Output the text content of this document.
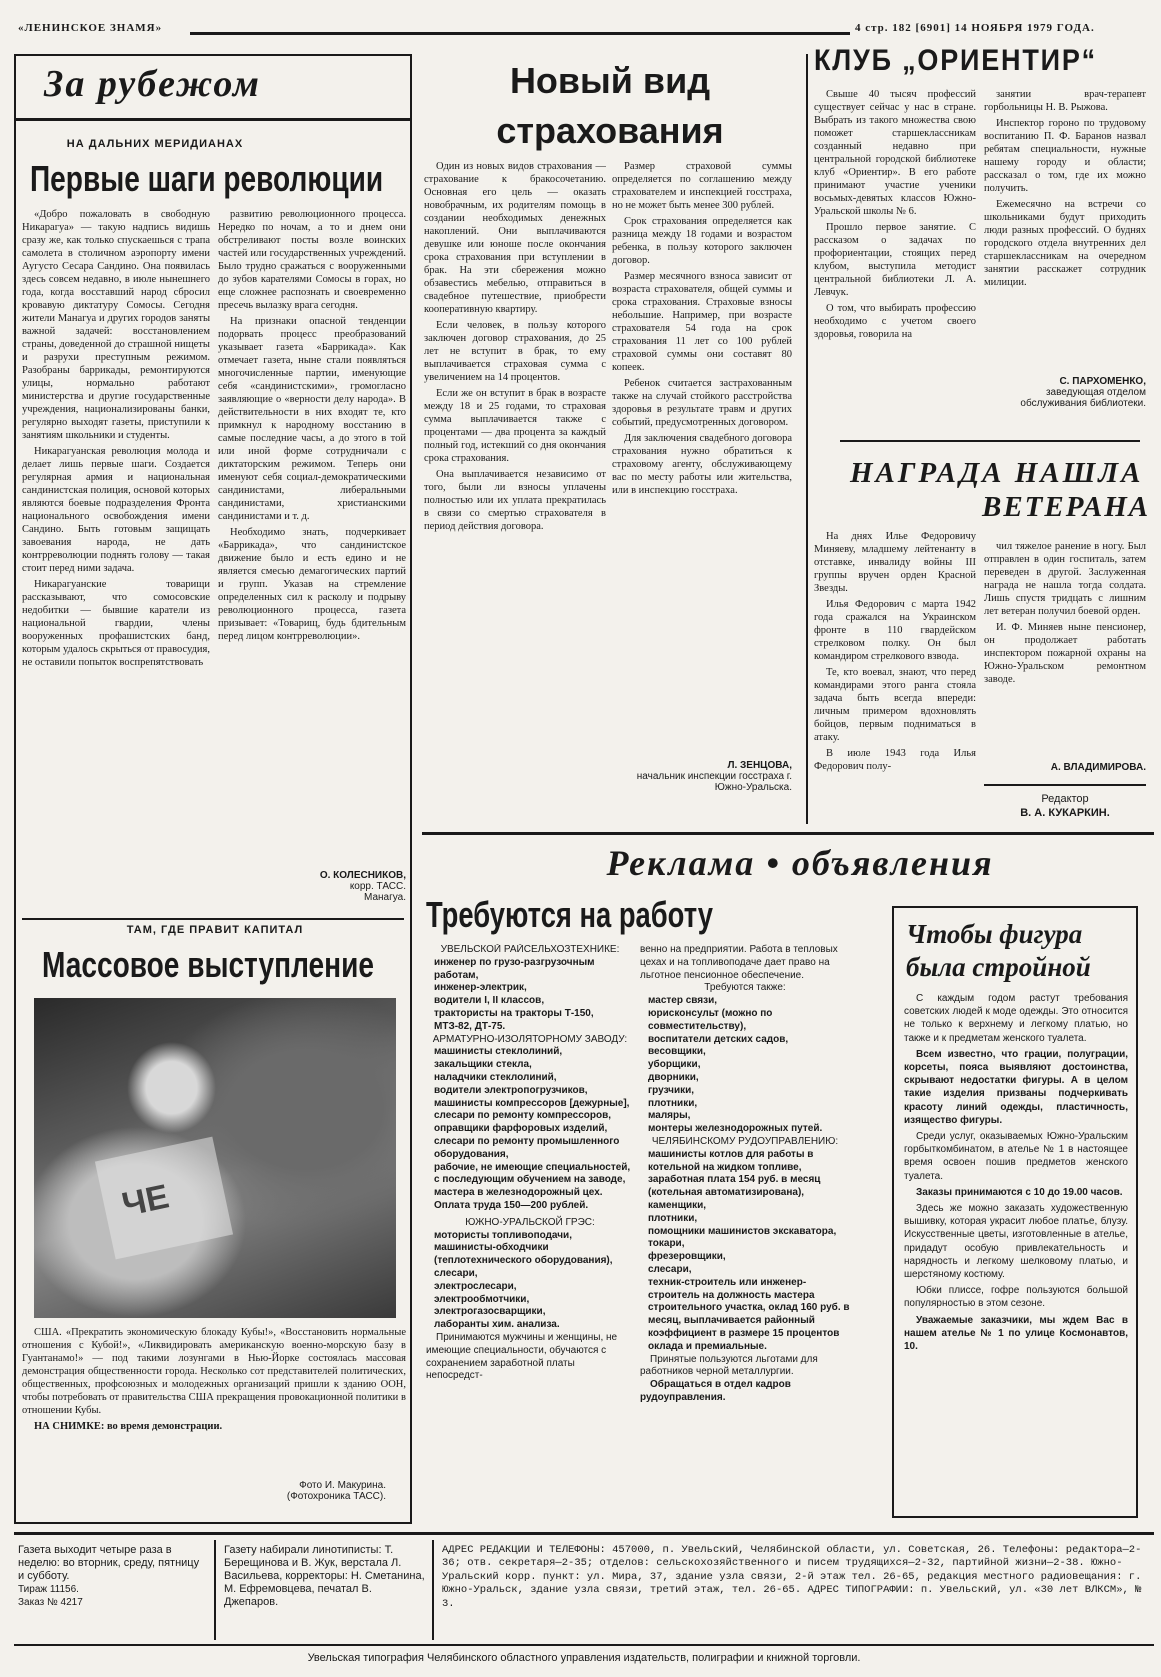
«ЛЕНИНСКОЕ ЗНАМЯ»	4 стр. 182 [6901] 14 НОЯБРЯ 1979 ГОДА.
За рубежом
НА ДАЛЬНИХ МЕРИДИАНАХ
Первые шаги революции

«Добро пожаловать в свободную Никарагуа» — такую надпись видишь сразу же, как только спускаешься с трапа самолета в столичном аэропорту имени Аугусто Сесара Сандино. Она появилась здесь совсем недавно, в июле нынешнего года, когда восставший народ сбросил кровавую диктатуру Сомосы. Сегодня жители Манагуа и других городов заняты важной задачей: восстановлением страны, доведенной до страшной нищеты и разрухи преступным режимом. Разобраны баррикады, ремонтируются улицы, нормально работают министерства и другие государственные учреждения, национализированы банки, регулярно выходят газеты, приступили к занятиям школьники и студенты.

Никарагуанская революция молода и делает лишь первые шаги. Создается регулярная армия и национальная сандинистская полиция, основой которых являются боевые подразделения Фронта национального освобождения имени Сандино. Быть готовым защищать завоевания народа, не дать контрреволюции поднять голову — такая стоит перед ними задача.

Никарагуанские товарищи рассказывают, что сомосовские недобитки — бывшие каратели из национальной гвардии, члены вооруженных профашистских банд, которым удалось скрыться от правосудия, не оставили попыток воспрепятствовать

развитию революционного процесса. Нередко по ночам, а то и днем они обстреливают посты возле воинских частей или государственных учреждений. Было трудно сражаться с вооруженными до зубов карателями Сомосы в горах, но еще сложнее распознать и своевременно пресечь вылазку врага сегодня.

На признаки опасной тенденции подорвать процесс преобразований указывает газета «Баррикада». Как отмечает газета, ныне стали появляться многочисленные партии, именующие себя «сандинистскими», громогласно заявляющие о «верности делу народа». В действительности в них входят те, кто примкнул к народному восстанию в самые последние часы, а до этого в той или иной форме сотрудничали с диктаторским режимом. Теперь они именуют себя социал-демократическими сандинистами, либеральными сандинистами, христианскими сандинистами и т. д.

Необходимо знать, подчеркивает «Баррикада», что сандинистское движение было и есть едино и не является смесью демагогических партий и групп. Указав на стремление определенных сил к расколу и подрыву революционного процесса, газета призывает: «Товарищ, будь бдительным перед лицом контрреволюции».

О. КОЛЕСНИКОВ,
корр. ТАСС.
Манагуа.
ТАМ, ГДЕ ПРАВИТ КАПИТАЛ
Массовое выступление
ЧЕ

США. «Прекратить экономическую блокаду Кубы!», «Восстановить нормальные отношения с Кубой!», «Ликвидировать американскую военно-морскую базу в Гуантанамо!» — под такими лозунгами в Нью-Йорке состоялась массовая демонстрация общественности города. Несколько сот представителей политических, общественных, профсоюзных и молодежных организаций пришли к зданию ООН, чтобы потребовать от правительства США прекращения провокационной политики в отношении Кубы.

НА СНИМКЕ: во время демонстрации.

Фото И. Макурина.
(Фотохроника ТАСС).
Новый вид
страхования

Один из новых видов страхования — страхование к бракосочетанию. Основная его цель — оказать новобрачным, их родителям помощь в создании необходимых денежных накоплений. Они выплачиваются девушке или юноше после окончания срока страхования при вступлении в брак. На эти сбережения можно обзавестись мебелью, отправиться в свадебное путешествие, приобрести кооперативную квартиру.

Если человек, в пользу которого заключен договор страхования, до 25 лет не вступит в брак, то ему выплачивается страховая сумма с увеличением на 14 процентов.

Если же он вступит в брак в возрасте между 18 и 25 годами, то страховая сумма выплачивается также с процентами — два процента за каждый полный год, истекший со дня окончания срока страхования.

Она выплачивается независимо от того, были ли взносы уплачены полностью или их уплата прекратилась в связи со смертью страхователя в период действия договора.

Размер страховой суммы определяется по соглашению между страхователем и инспекцией госстраха, но не может быть менее 300 рублей.

Срок страхования определяется как разница между 18 годами и возрастом ребенка, в пользу которого заключен договор.

Размер месячного взноса зависит от возраста страхователя, общей суммы и срока страхования. Страховые взносы небольшие. Например, при возрасте страхователя 54 года на срок страхования 11 лет со 100 рублей страховой суммы они составят 80 копеек.

Ребенок считается застрахованным также на случай стойкого расстройства здоровья в результате травм и других событий, предусмотренных договором.

Для заключения свадебного договора страхования нужно обратиться к страховому агенту, обслуживающему вас по месту работы или жительства, или в инспекцию госстраха.

Л. ЗЕНЦОВА,
начальник инспекции госстраха г. Южно-Уральска.
КЛУБ „ОРИЕНТИР“

Свыше 40 тысяч профессий существует сейчас у нас в стране. Выбрать из такого множества свою поможет старшеклассникам созданный недавно при центральной городской библиотеке клуб «Ориентир». В его работе принимают участие ученики восьмых-девятых классов Южно-Уральской школы № 6.

Прошло первое занятие. С рассказом о задачах по профориентации, стоящих перед клубом, выступила методист центральной библиотеки Л. А. Левчук.

О том, что выбирать профессию необходимо с учетом своего здоровья, говорила на

занятии врач-терапевт горбольницы Н. В. Рыжова.

Инспектор гороно по трудовому воспитанию П. Ф. Баранов назвал ребятам специальности, нужные нашему городу и области; рассказал о том, где их можно получить.

Ежемесячно на встречи со школьниками будут приходить люди разных профессий. О буднях городского отдела внутренних дел старшеклассникам на очередном занятии расскажет сотрудник милиции.

С. ПАРХОМЕНКО,
заведующая отделом обслуживания библиотеки.
НАГРАДА НАШЛА
ВЕТЕРАНА

На днях Илье Федоровичу Миняеву, младшему лейтенанту в отставке, инвалиду войны III группы вручен орден Красной Звезды.

Илья Федорович с марта 1942 года сражался на Украинском фронте в 110 гвардейском стрелковом полку. Он был командиром стрелкового взвода.

Те, кто воевал, знают, что перед командирами этого ранга стояла задача быть всегда впереди: личным примером вдохновлять бойцов, первым подниматься в атаку.

В июле 1943 года Илья Федорович полу-

чил тяжелое ранение в ногу. Был отправлен в один госпиталь, затем переведен в другой. Заслуженная награда не нашла тогда солдата. Лишь спустя тридцать с лишним лет ветеран получил боевой орден.

И. Ф. Миняев ныне пенсионер, он продолжает работать инспектором пожарной охраны на Южно-Уральском ремонтном заводе.

А. ВЛАДИМИРОВА.
Редактор
В. А. КУКАРКИН.
Реклама • объявления
Требуются на работу
УВЕЛЬСКОЙ РАЙСЕЛЬХОЗТЕХНИКЕ:
инженер по грузо-разгрузочным работам,
инженер-электрик,
водители I, II классов,
трактористы на тракторы Т-150, МТЗ-82, ДТ-75.
АРМАТУРНО-ИЗОЛЯТОРНОМУ ЗАВОДУ:
машинисты стеклолиний,
закальщики стекла,
наладчики стеклолиний,
водители электропогрузчиков,
машинисты компрессоров [дежурные],
слесари по ремонту компрессоров,
оправщики фарфоровых изделий,
слесари по ремонту промышленного оборудования,
рабочие, не имеющие специальностей, с последующим обучением на заводе,
мастера в железнодорожный цех.
Оплата труда 150—200 рублей.
ЮЖНО-УРАЛЬСКОЙ ГРЭС:
мотористы топливоподачи,
машинисты-обходчики (теплотехнического оборудования),
слесари,
электрослесари,
электрообмотчики,
электрогазосварщики,
лаборанты хим. анализа.
Принимаются мужчины и женщины, не имеющие специальности, обучаются с сохранением заработной платы непосредст-
венно на предприятии. Работа в тепловых цехах и на топливоподаче дает право на льготное пенсионное обеспечение.
Требуются также:
мастер связи,
юрисконсульт (можно по совместительству),
воспитатели детских садов,
весовщики,
уборщики,
дворники,
грузчики,
плотники,
маляры,
монтеры железнодорожных путей.
ЧЕЛЯБИНСКОМУ РУДОУПРАВЛЕНИЮ:
машинисты котлов для работы в котельной на жидком топливе, заработная плата 154 руб. в месяц (котельная автоматизирована),
каменщики,
плотники,
помощники машинистов экскаватора,
токари,
фрезеровщики,
слесари,
техник-строитель или инженер-строитель на должность мастера строительного участка, оклад 160 руб. в месяц, выплачивается районный коэффициент в размере 15 процентов оклада и премиальные.
Принятые пользуются льготами для работников черной металлургии.
Обращаться в отдел кадров рудоуправления.
Чтобы фигура
была стройной

С каждым годом растут требования советских людей к моде одежды. Это относится не только к верхнему и легкому платью, но также и к предметам женского туалета.

Всем известно, что грации, полуграции, корсеты, пояса выявляют достоинства, скрывают недостатки фигуры. А в целом такие изделия призваны подчеркивать красоту линий одежды, пластичность, изящество фигуры.

Среди услуг, оказываемых Южно-Уральским горбыткомбинатом, в ателье № 1 в настоящее время освоен пошив предметов женского туалета.

Заказы принимаются с 10 до 19.00 часов.

Здесь же можно заказать художественную вышивку, которая украсит любое платье, блузу. Искусственные цветы, изготовленные в ателье, придадут особую привлекательность и нарядность и легкому шелковому платью, и шерстяному костюму.

Юбки плиссе, гофре пользуются большой популярностью в этом сезоне.

Уважаемые заказчики, мы ждем Вас в нашем ателье № 1 по улице Космонавтов, 10.

Газета выходит четыре раза в неделю: во вторник, среду, пятницу и субботу.

Тираж 11156.

Заказ № 4217

Газету набирали линотиписты: Т. Берещинова и В. Жук, верстала Л. Васильева, корректоры: Н. Сметанина, М. Ефремовцева, печатал В. Джепаров.

АДРЕС РЕДАКЦИИ И ТЕЛЕФОНЫ: 457000, п. Увельский, Челябинской области, ул. Советская, 26. Телефоны: редактора—2-36; отв. секретаря—2-35; отделов: сельскохозяйственного и писем трудящихся—2-32, партийной жизни—2-38. Южно-Уральский корр. пункт: ул. Мира, 37, здание узла связи, 2-й этаж тел. 26-65, редакция местного радиовещания: г. Южно-Уральск, здание узла связи, третий этаж, тел. 26-65. АДРЕС ТИПОГРАФИИ: п. Увельский, ул. «30 лет ВЛКСМ», № 3.

Увельская типография Челябинского областного управления издательств, полиграфии и книжной торговли.
